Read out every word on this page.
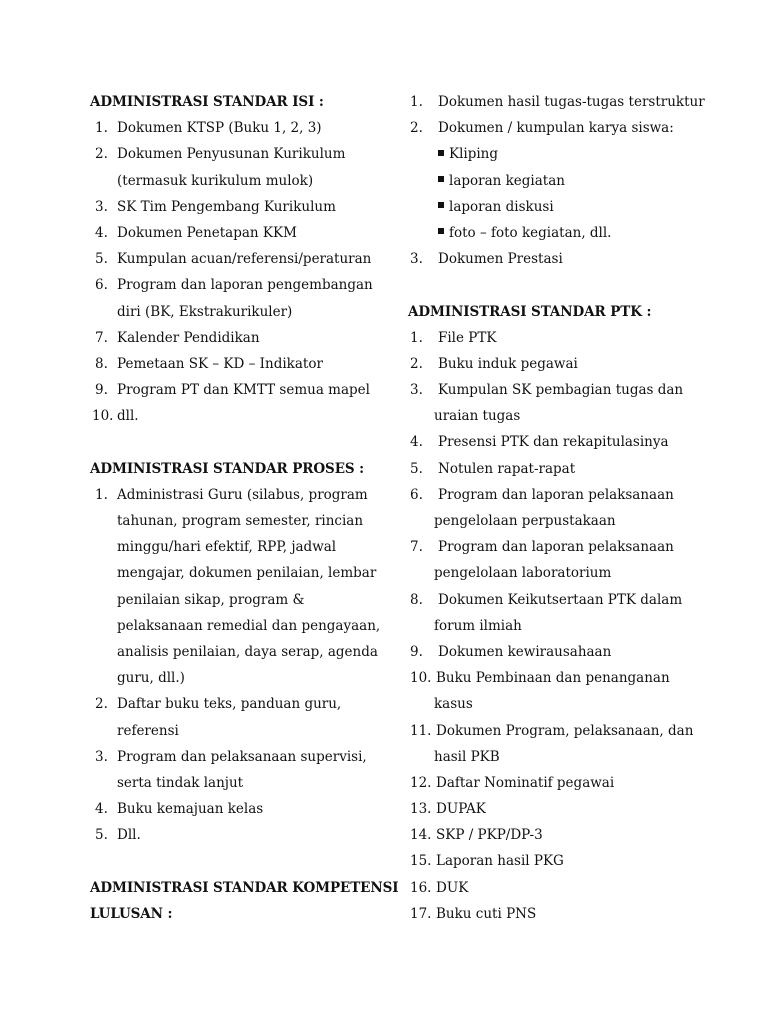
ADMINISTRASI STANDAR ISI :
1. Dokumen KTSP (Buku 1, 2, 3)
2. Dokumen Penyusunan Kurikulum
(termasuk kurikulum mulok)
3. SK Tim Pengembang Kurikulum
4. Dokumen Penetapan KKM
5. Kumpulan acuan/referensi/peraturan
6. Program dan laporan pengembangan
diri (BK, Ekstrakurikuler)
7. Kalender Pendidikan
8. Pemetaan SK – KD – Indikator
9. Program PT dan KMTT semua mapel
10. dll.
ADMINISTRASI STANDAR PROSES :
1. Administrasi Guru (silabus, program
tahunan, program semester, rincian
minggu/hari efektif, RPP, jadwal
mengajar, dokumen penilaian, lembar
penilaian sikap, program &
pelaksanaan remedial dan pengayaan,
analisis penilaian, daya serap, agenda
guru, dll.)
2. Daftar buku teks, panduan guru,
referensi
3. Program dan pelaksanaan supervisi,
serta tindak lanjut
4. Buku kemajuan kelas
5. Dll.
ADMINISTRASI STANDAR KOMPETENSI
LULUSAN :
1.	Dokumen hasil tugas-tugas terstruktur
2.	Dokumen / kumpulan karya siswa:
Kliping
laporan kegiatan
laporan diskusi
foto – foto kegiatan, dll.
3.	Dokumen Prestasi
ADMINISTRASI STANDAR PTK :
1.	File PTK
2.	Buku induk pegawai
3.	Kumpulan SK pembagian tugas dan
uraian tugas
4.	Presensi PTK dan rekapitulasinya
5.	Notulen rapat-rapat
6.	Program dan laporan pelaksanaan
pengelolaan perpustakaan
7.	Program dan laporan pelaksanaan
pengelolaan laboratorium
8.	Dokumen Keikutsertaan PTK dalam
forum ilmiah
9.	Dokumen kewirausahaan
10. Buku Pembinaan dan penanganan
kasus
11. Dokumen Program, pelaksanaan, dan
hasil PKB
12. Daftar Nominatif pegawai
13. DUPAK
14. SKP / PKP/DP-3
15. Laporan hasil PKG
16. DUK
17. Buku cuti PNS
